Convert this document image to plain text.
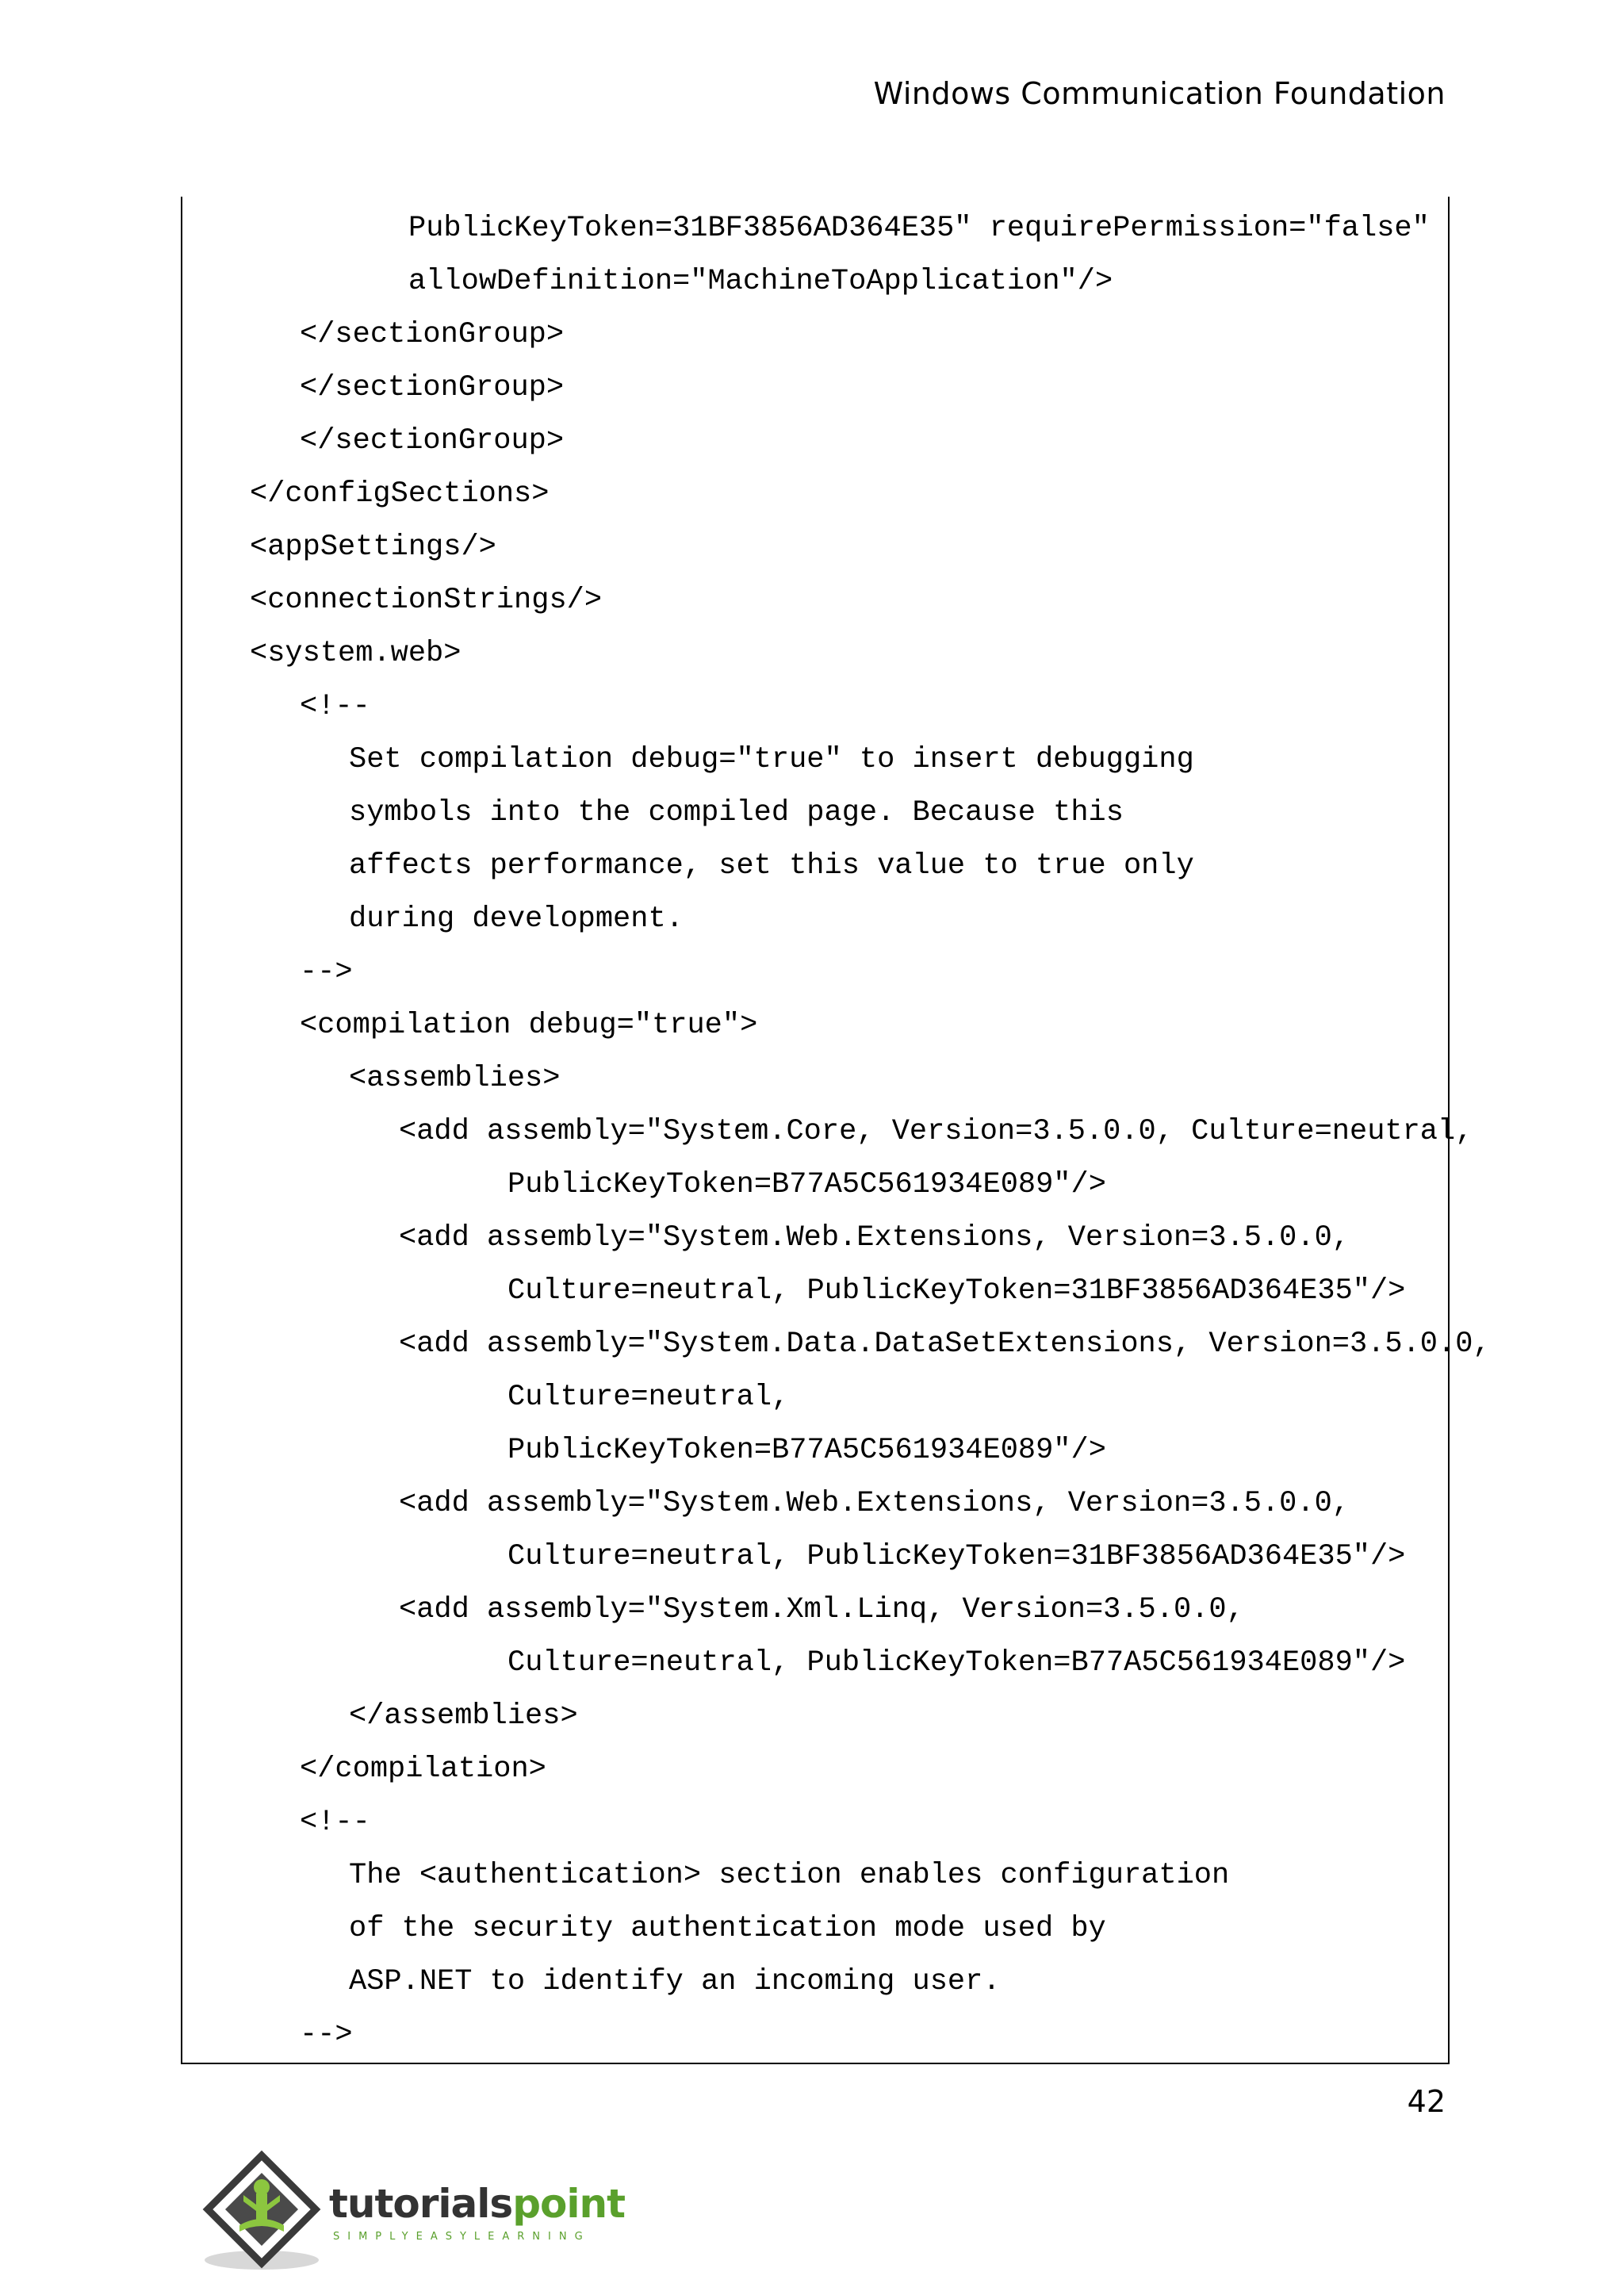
Windows Communication Foundation
PublicKeyToken=31BF3856AD364E35" requirePermission="false"
allowDefinition="MachineToApplication"/>
</sectionGroup>
</sectionGroup>
</sectionGroup>
</configSections>
<appSettings/>
<connectionStrings/>
<system.web>
<!--
Set compilation debug="true" to insert debugging
symbols into the compiled page. Because this
affects performance, set this value to true only
during development.
-->
<compilation debug="true">
<assemblies>
<add assembly="System.Core, Version=3.5.0.0, Culture=neutral,
PublicKeyToken=B77A5C561934E089"/>
<add assembly="System.Web.Extensions, Version=3.5.0.0,
Culture=neutral, PublicKeyToken=31BF3856AD364E35"/>
<add assembly="System.Data.DataSetExtensions, Version=3.5.0.0,
Culture=neutral,
PublicKeyToken=B77A5C561934E089"/>
<add assembly="System.Web.Extensions, Version=3.5.0.0,
Culture=neutral, PublicKeyToken=31BF3856AD364E35"/>
<add assembly="System.Xml.Linq, Version=3.5.0.0,
Culture=neutral, PublicKeyToken=B77A5C561934E089"/>
</assemblies>
</compilation>
<!--
The <authentication> section enables configuration
of the security authentication mode used by
ASP.NET to identify an incoming user.
-->
42
tutorialspoint
SIMPLYEASYLEARNING
